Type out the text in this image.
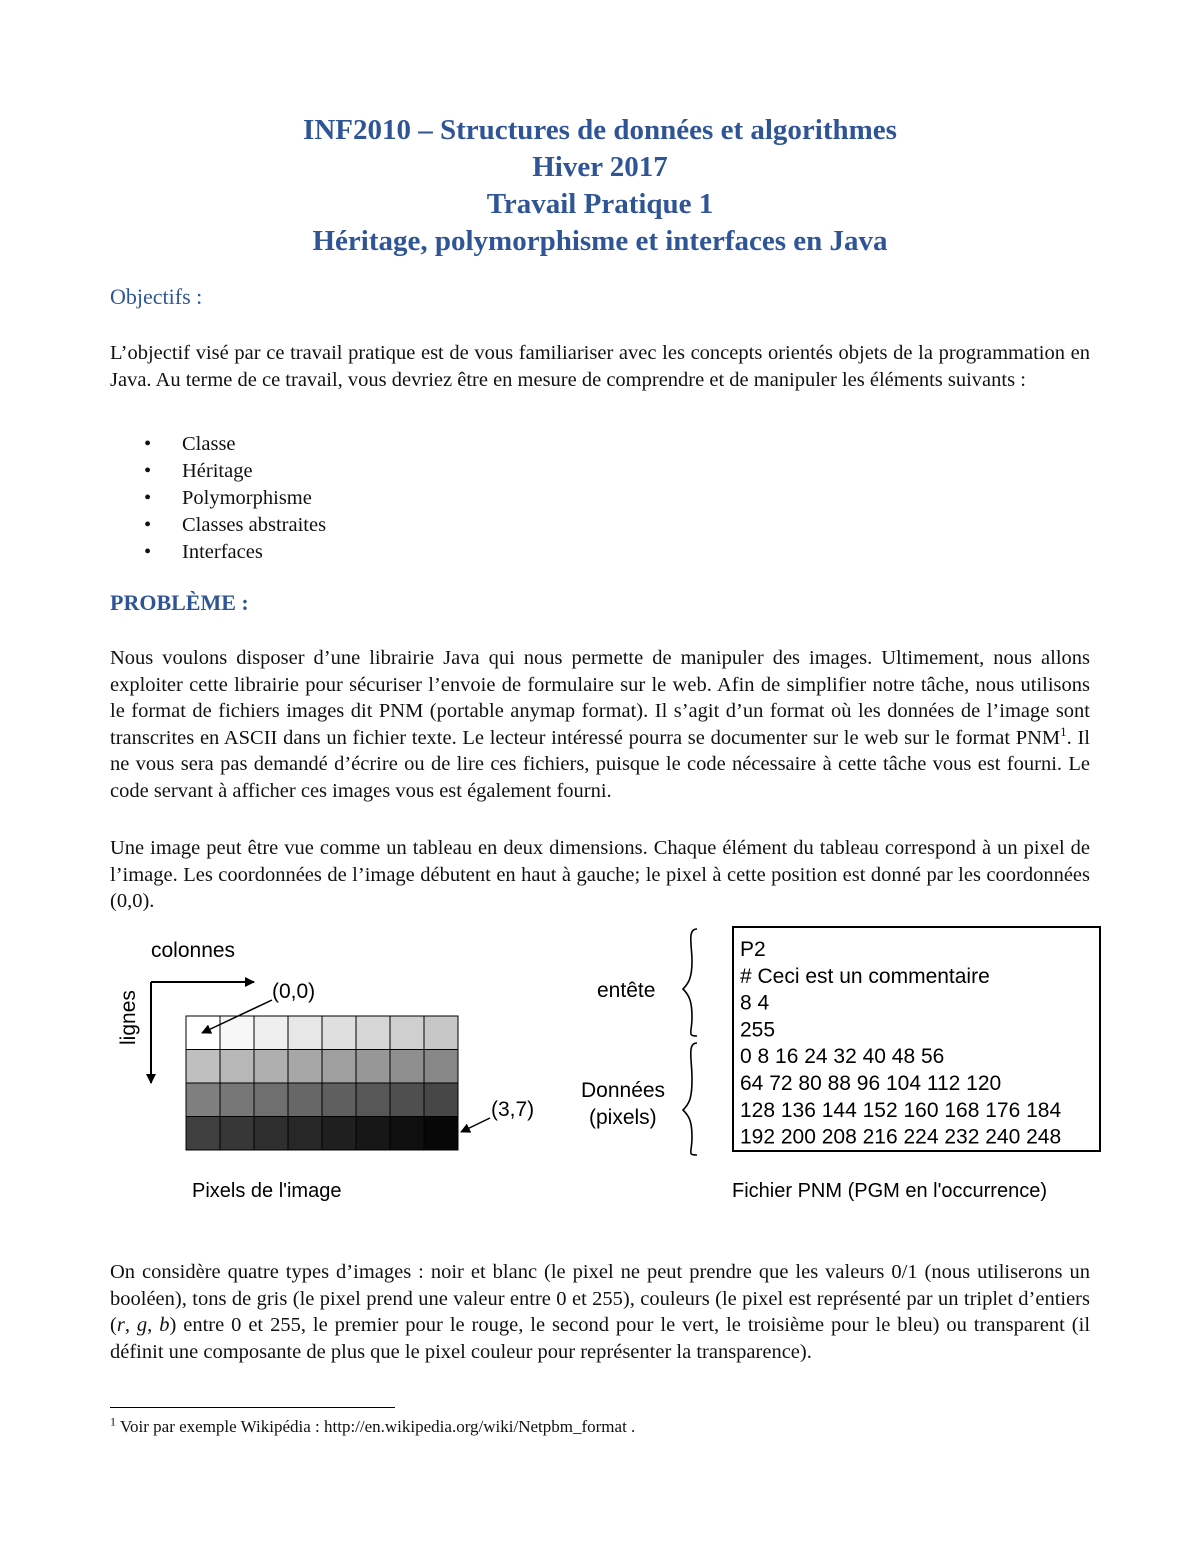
INF2010 – Structures de données et algorithmes
Hiver 2017
Travail Pratique 1
Héritage, polymorphisme et interfaces en Java
Objectifs :

L’objectif visé par ce travail pratique est de vous familiariser avec les concepts orientés objets de la programmation en Java. Au terme de ce travail, vous devriez être en mesure de comprendre et de manipuler les éléments suivants :

• Classe
• Héritage
• Polymorphisme
• Classes abstraites
• Interfaces
PROBLÈME :

Nous voulons disposer d’une librairie Java qui nous permette de manipuler des images. Ultimement, nous allons exploiter cette librairie pour sécuriser l’envoie de formulaire sur le web. Afin de simplifier notre tâche, nous utilisons le format de fichiers images dit PNM (portable anymap format). Il s’agit d’un format où les données de l’image sont transcrites en ASCII dans un fichier texte. Le lecteur intéressé pourra se documenter sur le web sur le format PNM$^1$. Il ne vous sera pas demandé d’écrire ou de lire ces fichiers, puisque le code nécessaire à cette tâche vous est fourni. Le code servant à afficher ces images vous est également fourni.

Une image peut être vue comme un tableau en deux dimensions. Chaque élément du tableau correspond à un pixel de l’image. Les coordonnées de l’image débutent en haut à gauche; le pixel à cette position est donné par les coordonnées (0,0).

colonnes
lignes	(0,0)
(3,7)
Pixels de l'image
entête
Données
(pixels)
P2
# Ceci est un commentaire
8 4
255
0 8 16 24 32 40 48 56
64 72 80 88 96 104 112 120
128 136 144 152 160 168 176 184
192 200 208 216 224 232 240 248
Fichier PNM (PGM en l'occurrence)

On considère quatre types d’images : noir et blanc (le pixel ne peut prendre que les valeurs 0/1 (nous utiliserons un booléen), tons de gris (le pixel prend une valeur entre 0 et 255), couleurs (le pixel est représenté par un triplet d’entiers (r, g, b) entre 0 et 255, le premier pour le rouge, le second pour le vert, le troisième pour le bleu) ou transparent (il définit une composante de plus que le pixel couleur pour représenter la transparence).

$^1$ Voir par exemple Wikipédia : http://en.wikipedia.org/wiki/Netpbm_format .
